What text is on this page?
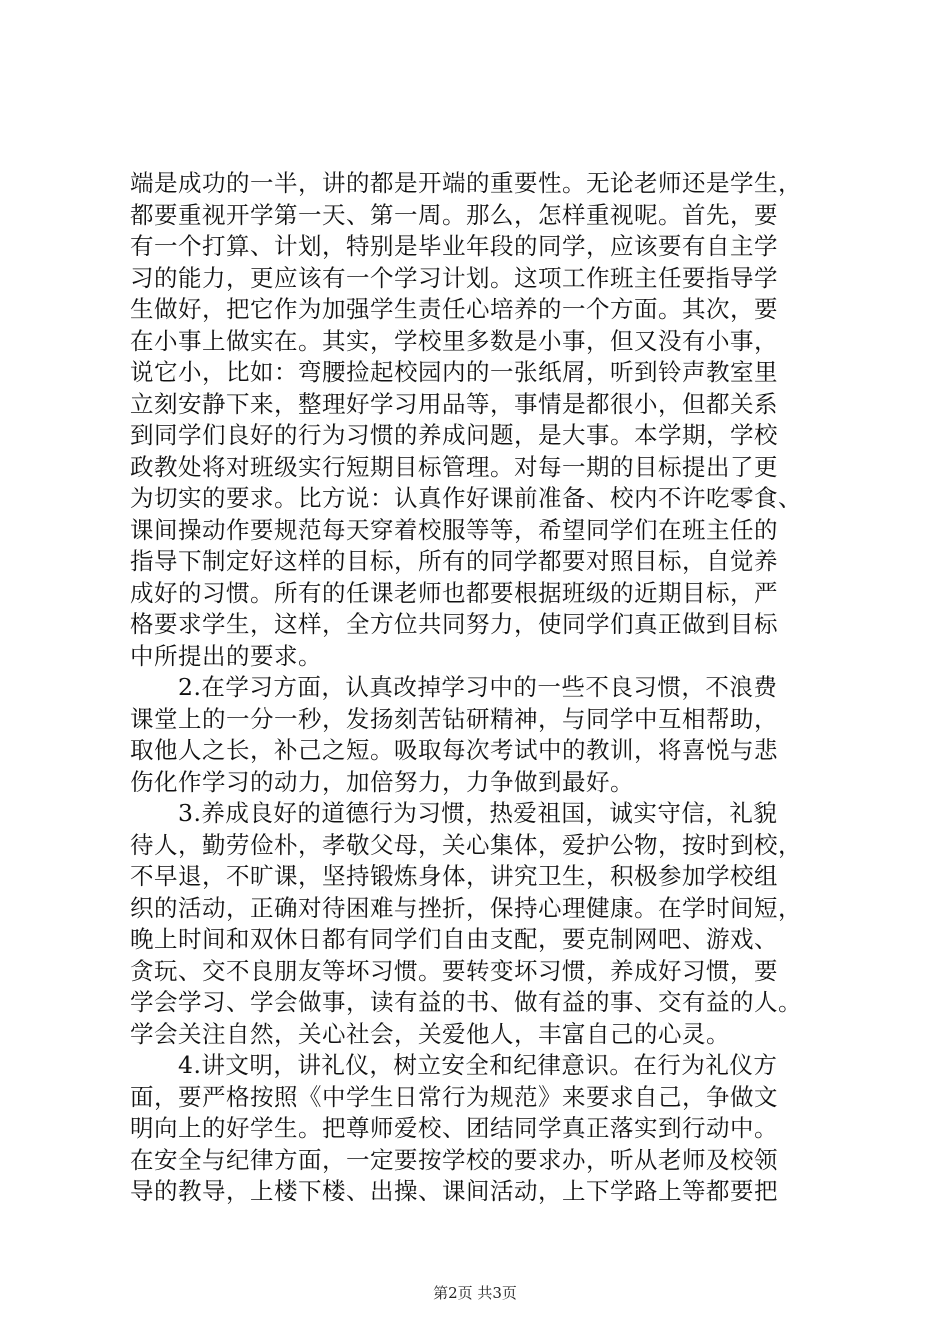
端是成功的一半，讲的都是开端的重要性。无论老师还是学生，
都要重视开学第一天、第一周。那么，怎样重视呢。首先，要
有一个打算、计划，特别是毕业年段的同学，应该要有自主学
习的能力，更应该有一个学习计划。这项工作班主任要指导学
生做好，把它作为加强学生责任心培养的一个方面。其次，要
在小事上做实在。其实，学校里多数是小事，但又没有小事，
说它小，比如：弯腰捡起校园内的一张纸屑，听到铃声教室里
立刻安静下来，整理好学习用品等，事情是都很小，但都关系
到同学们良好的行为习惯的养成问题，是大事。本学期，学校
政教处将对班级实行短期目标管理。对每一期的目标提出了更
为切实的要求。比方说：认真作好课前准备、校内不许吃零食、
课间操动作要规范每天穿着校服等等，希望同学们在班主任的
指导下制定好这样的目标，所有的同学都要对照目标，自觉养
成好的习惯。所有的任课老师也都要根据班级的近期目标，严
格要求学生，这样，全方位共同努力，使同学们真正做到目标
中所提出的要求。
2.在学习方面，认真改掉学习中的一些不良习惯，不浪费
课堂上的一分一秒，发扬刻苦钻研精神，与同学中互相帮助，
取他人之长，补己之短。吸取每次考试中的教训，将喜悦与悲
伤化作学习的动力，加倍努力，力争做到最好。
3.养成良好的道德行为习惯，热爱祖国，诚实守信，礼貌
待人，勤劳俭朴，孝敬父母，关心集体，爱护公物，按时到校，
不早退，不旷课，坚持锻炼身体，讲究卫生，积极参加学校组
织的活动，正确对待困难与挫折，保持心理健康。在学时间短，
晚上时间和双休日都有同学们自由支配，要克制网吧、游戏、
贪玩、交不良朋友等坏习惯。要转变坏习惯，养成好习惯，要
学会学习、学会做事，读有益的书、做有益的事、交有益的人。
学会关注自然，关心社会，关爱他人，丰富自己的心灵。
4.讲文明，讲礼仪，树立安全和纪律意识。在行为礼仪方
面，要严格按照《中学生日常行为规范》来要求自己，争做文
明向上的好学生。把尊师爱校、团结同学真正落实到行动中。
在安全与纪律方面，一定要按学校的要求办，听从老师及校领
导的教导，上楼下楼、出操、课间活动，上下学路上等都要把
第2页 共3页
